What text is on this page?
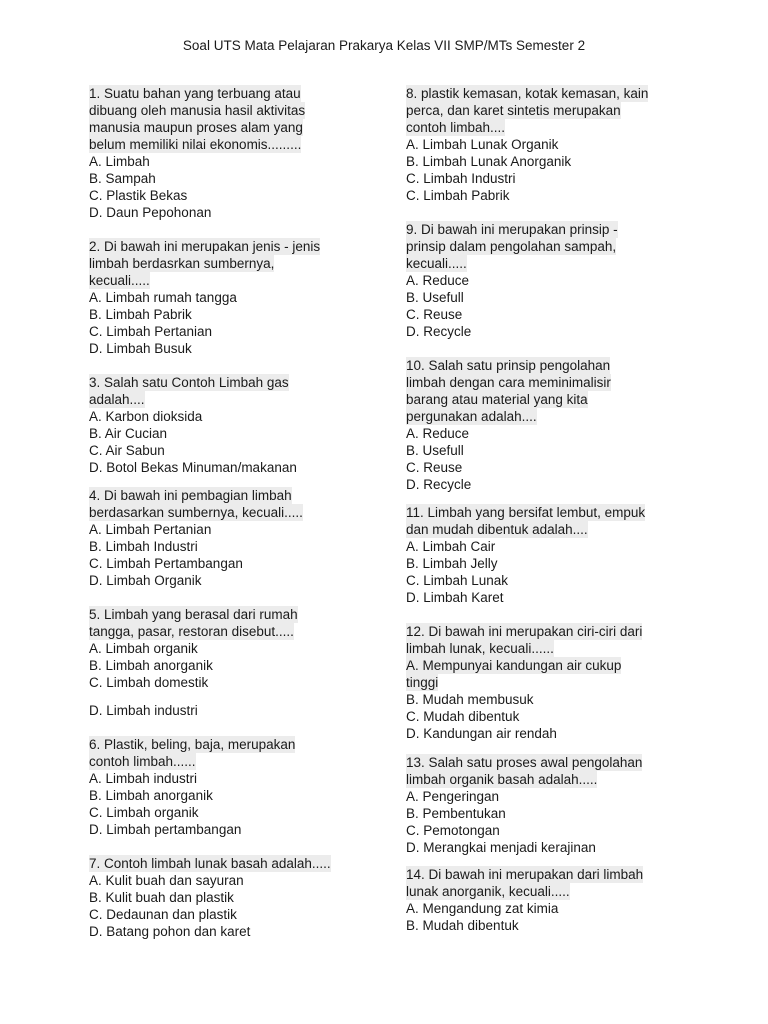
Soal UTS Mata Pelajaran Prakarya Kelas VII SMP/MTs Semester 2
1. Suatu bahan yang terbuang atau
dibuang oleh manusia hasil aktivitas
manusia maupun proses alam yang
belum memiliki nilai ekonomis.........
A. Limbah
B. Sampah
C. Plastik Bekas
D. Daun Pepohonan
2. Di bawah ini merupakan jenis - jenis
limbah berdasrkan sumbernya,
kecuali.....
A. Limbah rumah tangga
B. Limbah Pabrik
C. Limbah Pertanian
D. Limbah Busuk
3. Salah satu Contoh Limbah gas
adalah....
A. Karbon dioksida
B. Air Cucian
C. Air Sabun
D. Botol Bekas Minuman/makanan
4. Di bawah ini pembagian limbah
berdasarkan sumbernya, kecuali.....
A. Limbah Pertanian
B. Limbah Industri
C. Limbah Pertambangan
D. Limbah Organik
5. Limbah yang berasal dari rumah
tangga, pasar, restoran disebut.....
A. Limbah organik
B. Limbah anorganik
C. Limbah domestik
D. Limbah industri
6. Plastik, beling, baja, merupakan
contoh limbah......
A. Limbah industri
B. Limbah anorganik
C. Limbah organik
D. Limbah pertambangan
7. Contoh limbah lunak basah adalah.....
A. Kulit buah dan sayuran
B. Kulit buah dan plastik
C. Dedaunan dan plastik
D. Batang pohon dan karet
8. plastik kemasan, kotak kemasan, kain
perca, dan karet sintetis merupakan
contoh limbah....
A. Limbah Lunak Organik
B. Limbah Lunak Anorganik
C. Limbah Industri
C. Limbah Pabrik
9. Di bawah ini merupakan prinsip -
prinsip dalam pengolahan sampah,
kecuali.....
A. Reduce
B. Usefull
C. Reuse
D. Recycle
10. Salah satu prinsip pengolahan
limbah dengan cara meminimalisir
barang atau material yang kita
pergunakan adalah....
A. Reduce
B. Usefull
C. Reuse
D. Recycle
11. Limbah yang bersifat lembut, empuk
dan mudah dibentuk adalah....
A. Limbah Cair
B. Limbah Jelly
C. Limbah Lunak
D. Limbah Karet
12. Di bawah ini merupakan ciri-ciri dari
limbah lunak, kecuali......
A. Mempunyai kandungan air cukup
tinggi
B. Mudah membusuk
C. Mudah dibentuk
D. Kandungan air rendah
13. Salah satu proses awal pengolahan
limbah organik basah adalah.....
A. Pengeringan
B. Pembentukan
C. Pemotongan
D. Merangkai menjadi kerajinan
14. Di bawah ini merupakan dari limbah
lunak anorganik, kecuali.....
A. Mengandung zat kimia
B. Mudah dibentuk
